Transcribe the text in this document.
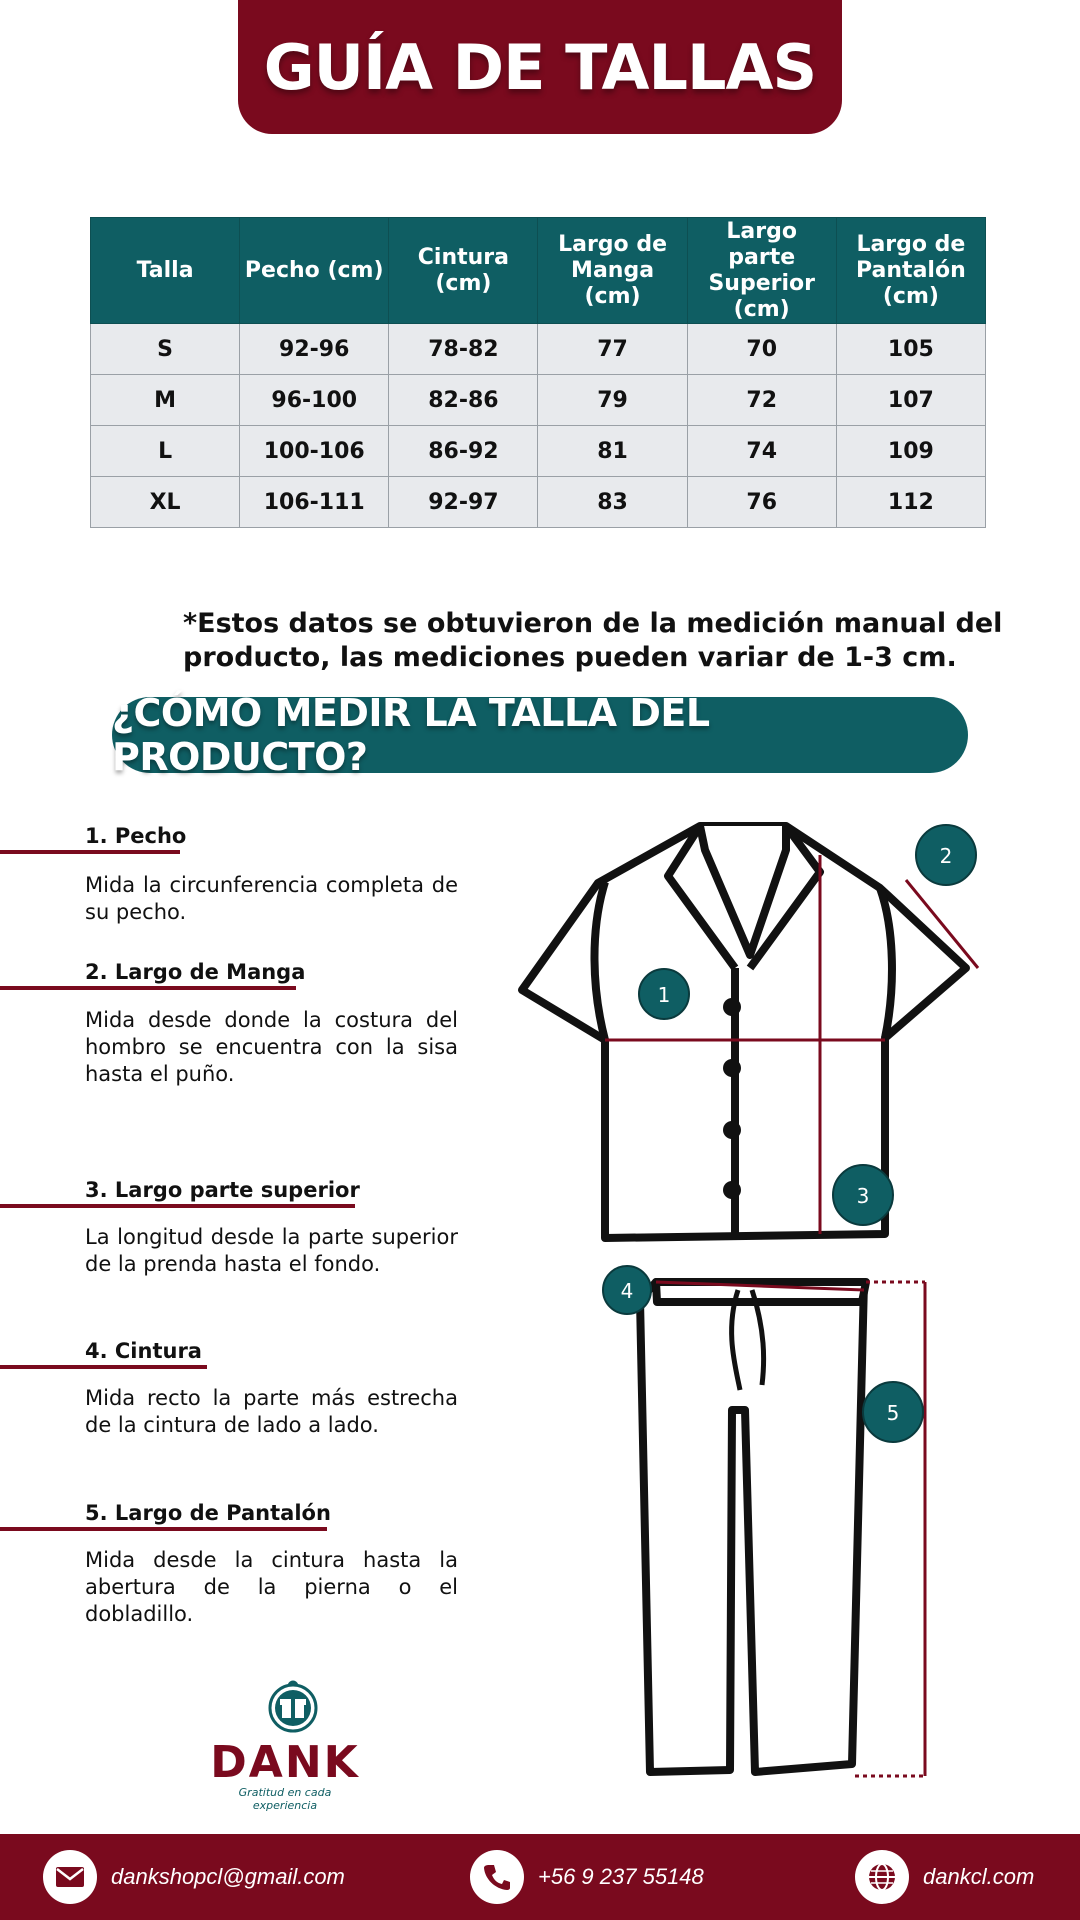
GUÍA DE TALLAS
Talla	Pecho (cm)	Cintura (cm)	Largo de Manga (cm)	Largo parte Superior (cm)	Largo de Pantalón (cm)
S	92-96	78-82	77	70	105
M	96-100	82-86	79	72	107
L	100-106	86-92	81	74	109
XL	106-111	92-97	83	76	112
*Estos datos se obtuvieron de la medición manual del producto, las mediciones pueden variar de 1-3 cm.
¿CÓMO MEDIR LA TALLA DEL PRODUCTO?
1. Pecho
Mida la circunferencia completa de su pecho.
2. Largo de Manga
Mida desde donde la costura del hombro se encuentra con la sisa hasta el puño.
3. Largo parte superior
La longitud desde la parte superior de la prenda hasta el fondo.
4. Cintura
Mida recto la parte más estrecha de la cintura de lado a lado.
5. Largo de Pantalón
Mida desde la cintura hasta la abertura de la pierna o el dobladillo.
1
2
3
4
5
DANK
Gratitud en cada experiencia
dankshopcl@gmail.com	+56 9 237 55148	dankcl.com
